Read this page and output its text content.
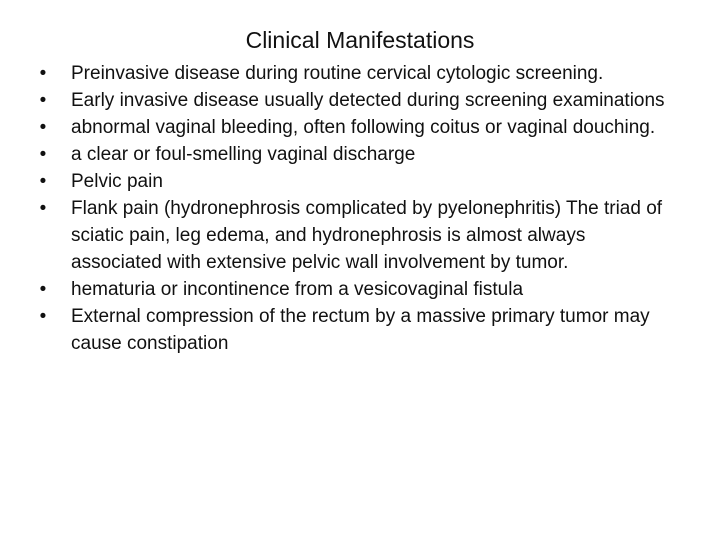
Clinical Manifestations
• Preinvasive disease during routine cervical cytologic screening.
• Early invasive disease usually detected during screening examinations
• abnormal vaginal bleeding, often following coitus or vaginal douching.
• a clear or foul-smelling vaginal discharge
• Pelvic pain
• Flank pain (hydronephrosis complicated by pyelonephritis) The triad of sciatic pain, leg edema, and hydronephrosis is almost always associated with extensive pelvic wall involvement by tumor.
• hematuria or incontinence from a vesicovaginal fistula
• External compression of the rectum by a massive primary tumor may cause constipation
